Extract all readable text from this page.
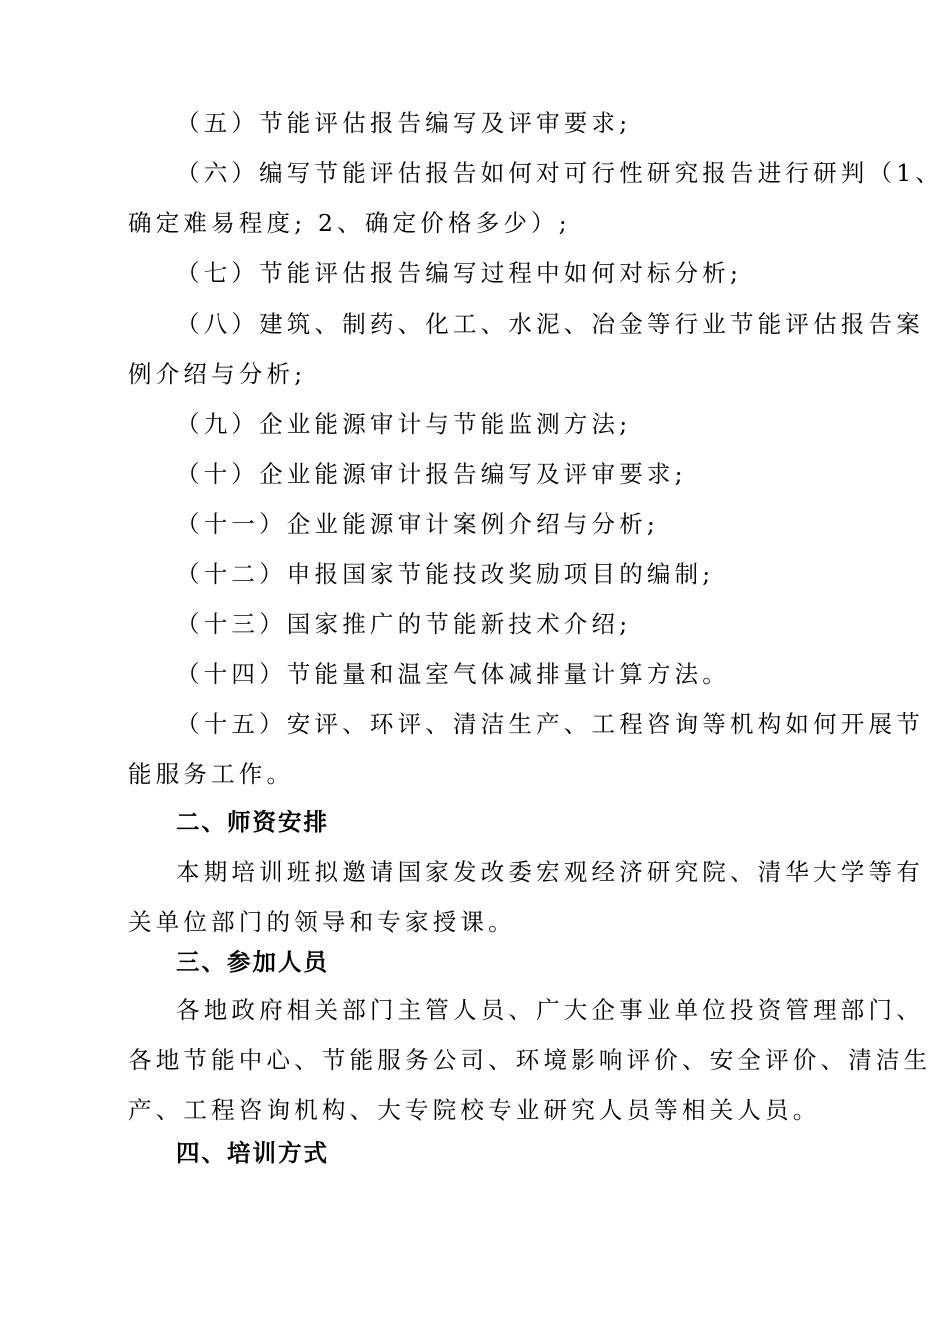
（五）节能评估报告编写及评审要求;
（六）编写节能评估报告如何对可行性研究报告进行研判（1、
确定难易程度; 2、确定价格多少）;
（七）节能评估报告编写过程中如何对标分析;
（八）建筑、制药、化工、水泥、冶金等行业节能评估报告案
例介绍与分析;
（九）企业能源审计与节能监测方法;
（十）企业能源审计报告编写及评审要求;
（十一）企业能源审计案例介绍与分析;
（十二）申报国家节能技改奖励项目的编制;
（十三）国家推广的节能新技术介绍;
（十四）节能量和温室气体减排量计算方法。
（十五）安评、环评、清洁生产、工程咨询等机构如何开展节
能服务工作。
二、师资安排
本期培训班拟邀请国家发改委宏观经济研究院、清华大学等有
关单位部门的领导和专家授课。
三、参加人员
各地政府相关部门主管人员、广大企事业单位投资管理部门、
各地节能中心、节能服务公司、环境影响评价、安全评价、清洁生
产、工程咨询机构、大专院校专业研究人员等相关人员。
四、培训方式
